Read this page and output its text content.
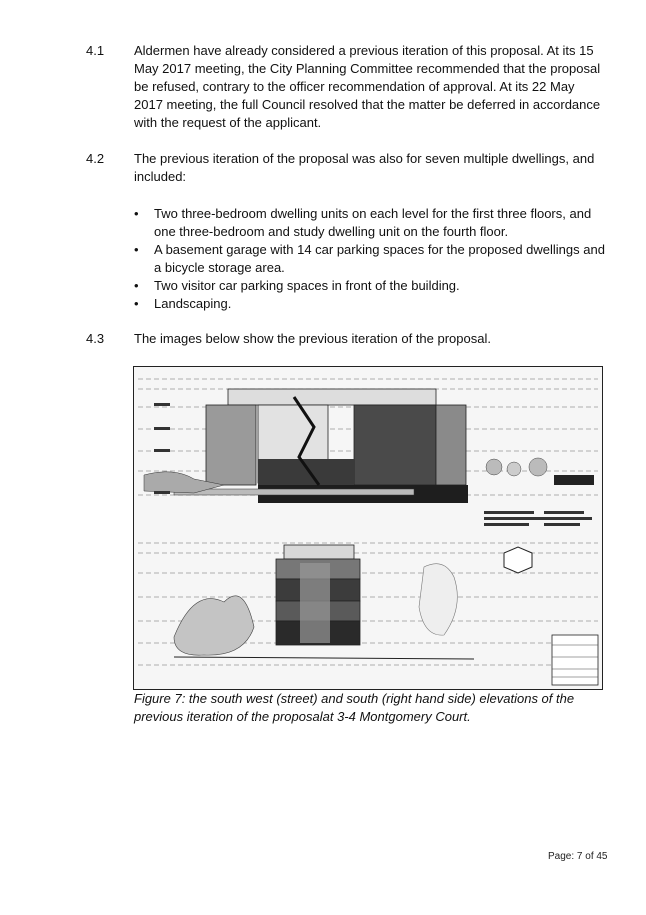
4.1 Aldermen have already considered a previous iteration of this proposal. At its 15 May 2017 meeting, the City Planning Committee recommended that the proposal be refused, contrary to the officer recommendation of approval. At its 22 May 2017 meeting, the full Council resolved that the matter be deferred in accordance with the request of the applicant.
4.2 The previous iteration of the proposal was also for seven multiple dwellings, and included:
• Two three-bedroom dwelling units on each level for the first three floors, and one three-bedroom and study dwelling unit on the fourth floor.
• A basement garage with 14 car parking spaces for the proposed dwellings and a bicycle storage area.
• Two visitor car parking spaces in front of the building.
• Landscaping.
4.3 The images below show the previous iteration of the proposal.
Figure 7: the south west (street) and south (right hand side) elevations of the previous iteration of the proposalat 3-4 Montgomery Court.
Page: 7 of 45
